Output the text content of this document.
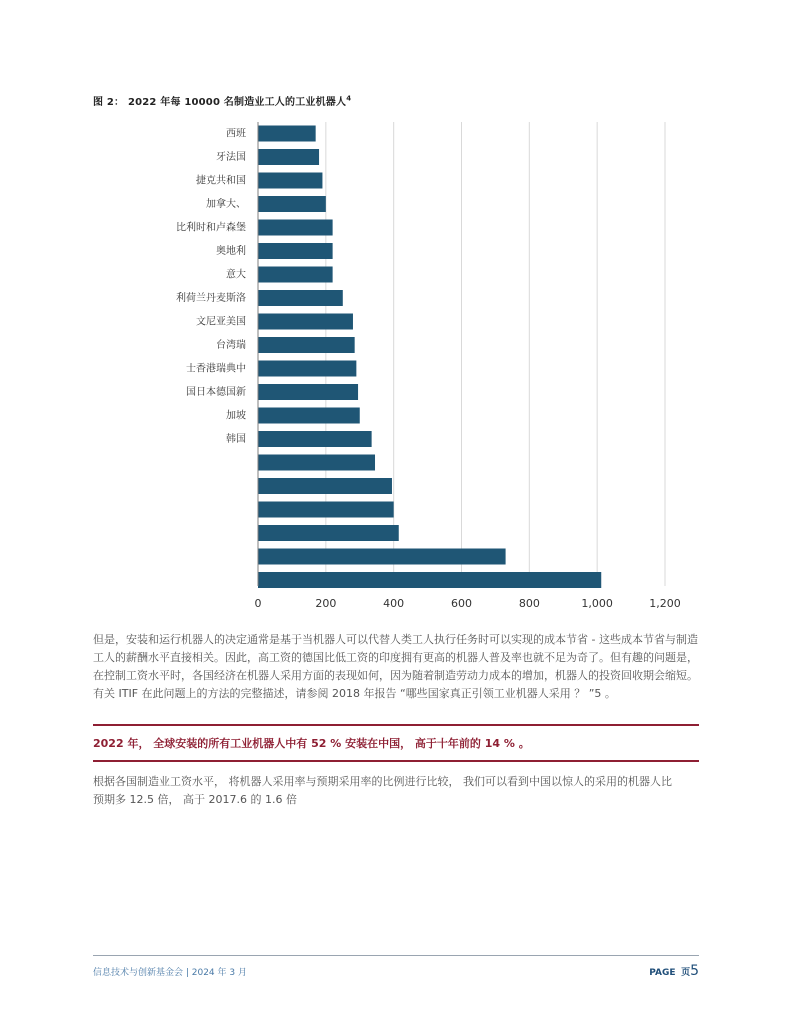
图 2： 2022 年每 10000 名制造业工人的工业机器人$^4$
西班
牙法国
捷克共和国
加拿大、
比利时和卢森堡
奥地利
意大
利荷兰丹麦斯洛
文尼亚美国
台湾瑞
士香港瑞典中
国日本德国新
加坡
韩国
0	200	400	600	800	1,000	1,200
但是，安装和运行机器人的决定通常是基于当机器人可以代替人类工人执行任务时可以实现的成本节省 - 这些成本节省与制造工人的薪酬水平直接相关。因此，高工资的德国比低工资的印度拥有更高的机器人普及率也就不足为奇了。但有趣的问题是，在控制工资水平时，各国经济在机器人采用方面的表现如何，因为随着制造劳动力成本的增加，机器人的投资回收期会缩短。有关 ITIF 在此问题上的方法的完整描述，请参阅 2018 年报告 “哪些国家真正引领工业机器人采用 ？ ”5 。
2022 年， 全球安装的所有工业机器人中有 52 % 安装在中国， 高于十年前的 14 % 。
根据各国制造业工资水平， 将机器人采用率与预期采用率的比例进行比较， 我们可以看到中国以惊人的采用的机器人比预期多 12.5 倍， 高于 2017.6 的 1.6 倍
信息技术与创新基金会 | 2024 年 3 月	PAGE 页5
